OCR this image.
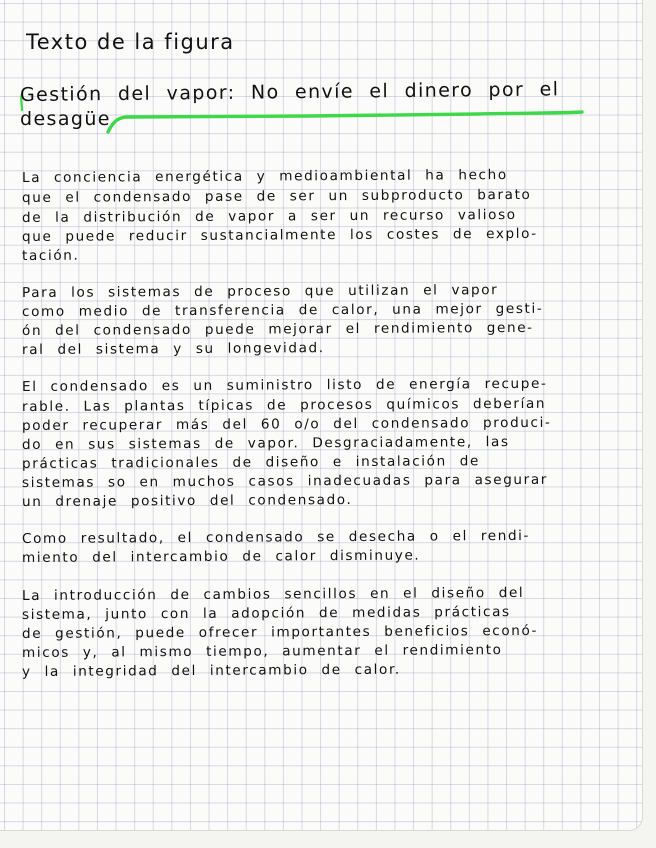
Texto de la figura
Gestión del vapor: No envíe el dinero por el
desagüe
La conciencia energética y medioambiental ha hecho
que el condensado pase de ser un subproducto barato
de la distribución de vapor a ser un recurso valioso
que puede reducir sustancialmente los costes de explo-
tación.
Para los sistemas de proceso que utilizan el vapor
como medio de transferencia de calor, una mejor gesti-
ón del condensado puede mejorar el rendimiento gene-
ral del sistema y su longevidad.
El condensado es un suministro listo de energía recupe-
rable. Las plantas típicas de procesos químicos deberían
poder recuperar más del 60 o/o del condensado produci-
do en sus sistemas de vapor. Desgraciadamente, las
prácticas tradicionales de diseño e instalación de
sistemas so en muchos casos inadecuadas para asegurar
un drenaje positivo del condensado.
Como resultado, el condensado se desecha o el rendi-
miento del intercambio de calor disminuye.
La introducción de cambios sencillos en el diseño del
sistema, junto con la adopción de medidas prácticas
de gestión, puede ofrecer importantes beneficios econó-
micos y, al mismo tiempo, aumentar el rendimiento
y la integridad del intercambio de calor.
